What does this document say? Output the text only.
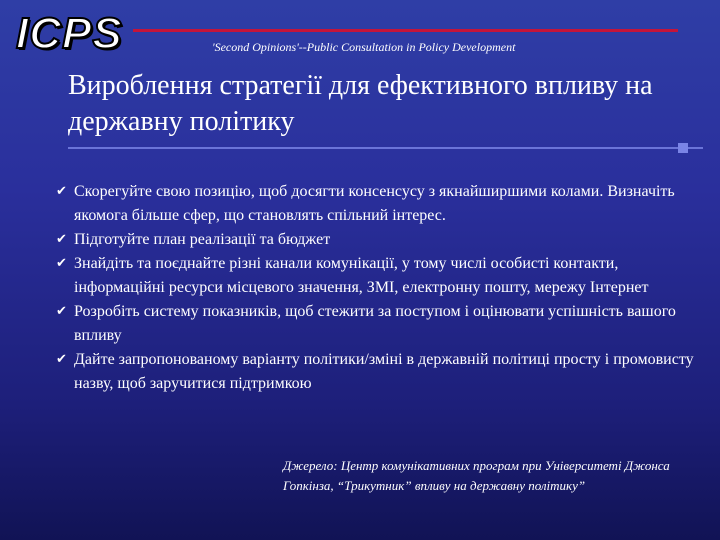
ICPS	'Second Opinions'--Public Consultation in Policy Development
Вироблення стратегії для ефективного впливу на державну політику
✔ Скорегуйте свою позицію, щоб досягти консенсусу з якнайширшими колами. Визначіть якомога більше сфер, що становлять спільний інтерес.
✔ Підготуйте план реалізації та бюджет
✔ Знайдіть та поєднайте різні канали комунікації, у тому числі особисті контакти, інформаційні ресурси місцевого значення, ЗМІ, електронну пошту, мережу Інтернет
✔ Розробіть систему показників, щоб стежити за поступом і оцінювати успішність вашого впливу
✔ Дайте запропонованому варіанту політики/зміні в державній політиці просту і промовисту назву, щоб заручитися підтримкою
Джерело: Центр комунікативних програм при Університеті Джонса Гопкінза, “Трикутник” впливу на державну політику”
